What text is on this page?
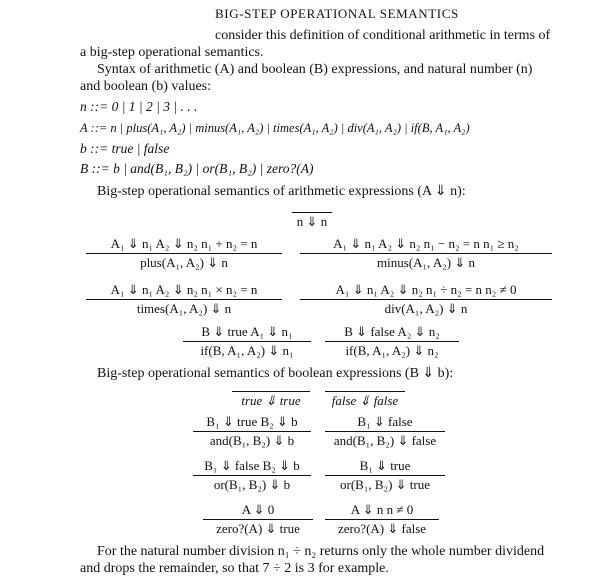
BIG-STEP OPERATIONAL SEMANTICS
consider this definition of conditional arithmetic in terms of
a big-step operational semantics.
Syntax of arithmetic (A) and boolean (B) expressions, and natural number (n)
and boolean (b) values:
n ::= 0 | 1 | 2 | 3 | . . .
A ::= n | plus(A₁, A₂) | minus(A₁, A₂) | times(A₁, A₂) | div(A₁, A₂) | if(B, A₁, A₂)
b ::= true | false
B ::= b | and(B₁, B₂) | or(B₁, B₂) | zero?(A)
Big-step operational semantics of arithmetic expressions (A ⇓ n):
n ⇓ n
A₁ ⇓ n₁ A₂ ⇓ n₂ n₁ + n₂ = n
plus(A₁, A₂) ⇓ n
A₁ ⇓ n₁ A₂ ⇓ n₂ n₁ − n₂ = n n₁ ≥ n₂
minus(A₁, A₂) ⇓ n
A₁ ⇓ n₁ A₂ ⇓ n₂ n₁ × n₂ = n
times(A₁, A₂) ⇓ n
A₁ ⇓ n₁ A₂ ⇓ n₂ n₁ ÷ n₂ = n n₂ ≠ 0
div(A₁, A₂) ⇓ n
B ⇓ true A₁ ⇓ n₁
if(B, A₁, A₂) ⇓ n₁
B ⇓ false A₂ ⇓ n₂
if(B, A₁, A₂) ⇓ n₂
Big-step operational semantics of boolean expressions (B ⇓ b):
true ⇓ true	false ⇓ false
B₁ ⇓ true B₂ ⇓ b
and(B₁, B₂) ⇓ b
B₁ ⇓ false
and(B₁, B₂) ⇓ false
B₁ ⇓ false B₂ ⇓ b
or(B₁, B₂) ⇓ b
B₁ ⇓ true
or(B₁, B₂) ⇓ true
A ⇓ 0
zero?(A) ⇓ true
A ⇓ n n ≠ 0
zero?(A) ⇓ false
For the natural number division n₁ ÷ n₂ returns only the whole number dividend
and drops the remainder, so that 7 ÷ 2 is 3 for example.
